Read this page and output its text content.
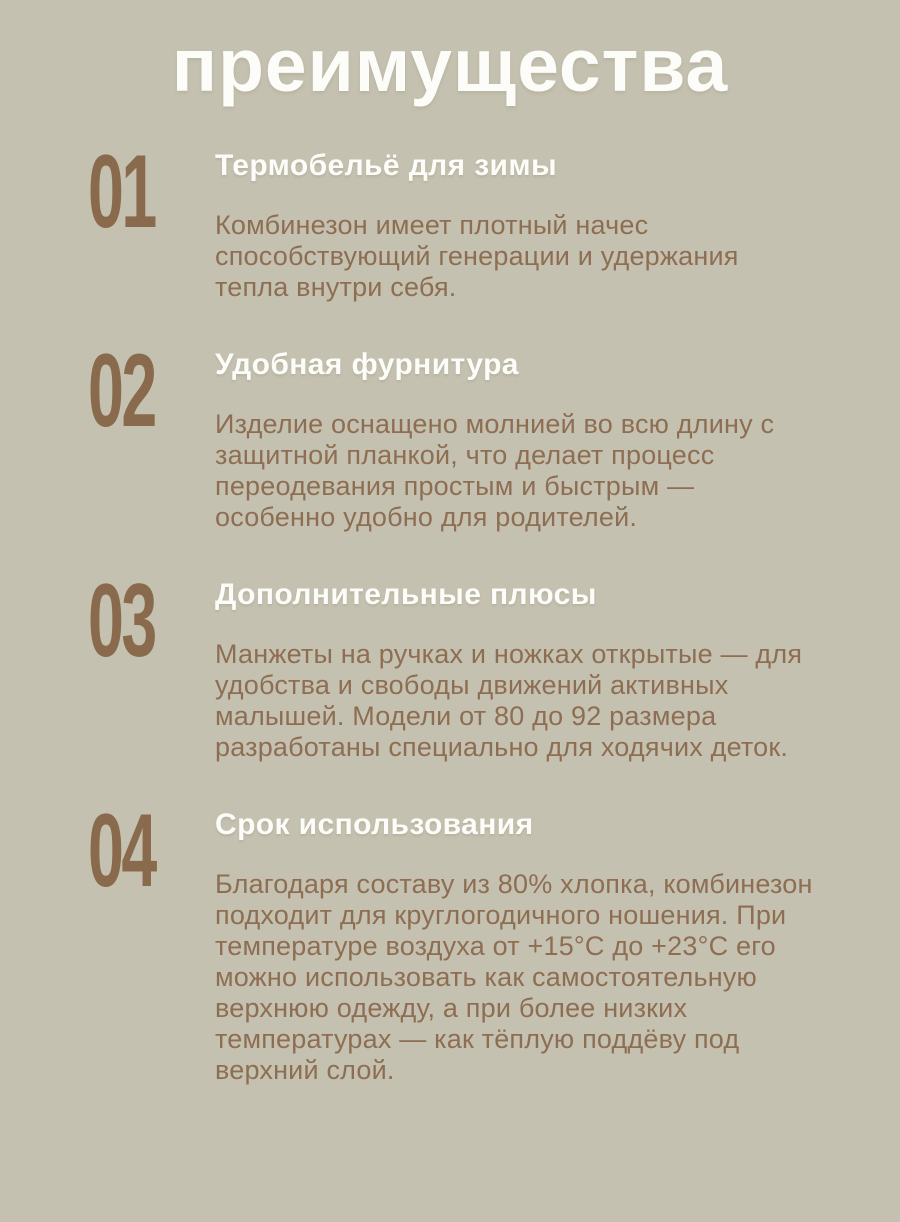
преимущества
01	Термобельё для зимы
Комбинезон имеет плотный начес способствующий генерации и удержания тепла внутри себя.
02	Удобная фурнитура
Изделие оснащено молнией во всю длину с защитной планкой, что делает процесс переодевания простым и быстрым — особенно удобно для родителей.
03	Дополнительные плюсы
Манжеты на ручках и ножках открытые — для удобства и свободы движений активных малышей. Модели от 80 до 92 размера разработаны специально для ходячих деток.
04	Срок использования
Благодаря составу из 80% хлопка, комбинезон подходит для круглогодичного ношения. При температуре воздуха от +15°С до +23°С его можно использовать как самостоятельную верхнюю одежду, а при более низких температурах — как тёплую поддёву под верхний слой.
